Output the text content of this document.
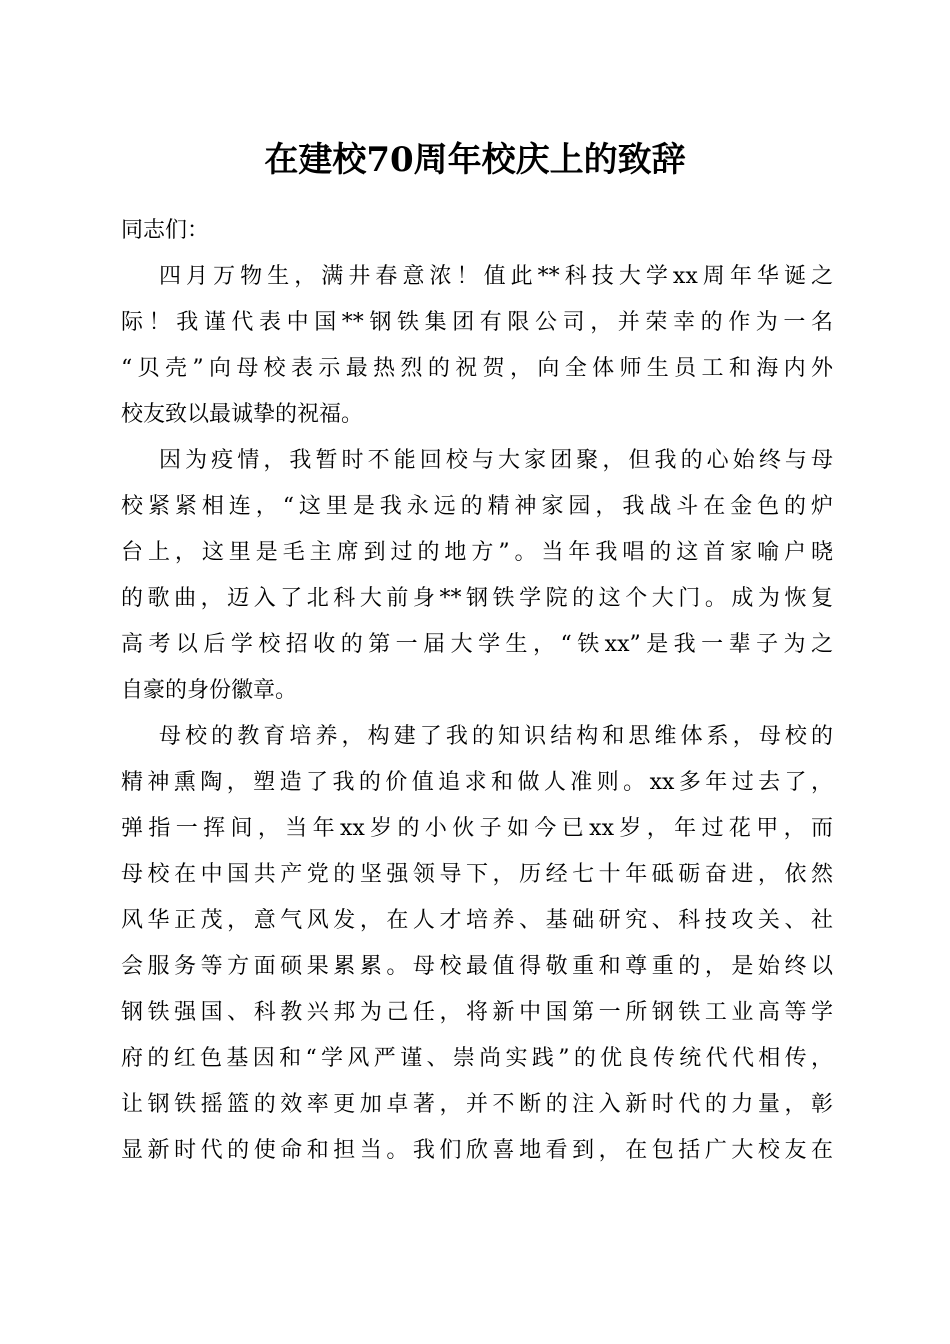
在建校70周年校庆上的致辞
同志们：
四月万物生，满井春意浓！值此**科技大学xx周年华诞之
际！我谨代表中国**钢铁集团有限公司，并荣幸的作为一名
“贝壳”向母校表示最热烈的祝贺，向全体师生员工和海内外
校友致以最诚挚的祝福。
因为疫情，我暂时不能回校与大家团聚，但我的心始终与母
校紧紧相连，“这里是我永远的精神家园，我战斗在金色的炉
台上，这里是毛主席到过的地方”。当年我唱的这首家喻户晓
的歌曲，迈入了北科大前身**钢铁学院的这个大门。成为恢复
高考以后学校招收的第一届大学生，“铁xx”是我一辈子为之
自豪的身份徽章。
母校的教育培养，构建了我的知识结构和思维体系，母校的
精神熏陶，塑造了我的价值追求和做人准则。xx多年过去了，
弹指一挥间，当年xx岁的小伙子如今已xx岁，年过花甲，而
母校在中国共产党的坚强领导下，历经七十年砥砺奋进，依然
风华正茂，意气风发，在人才培养、基础研究、科技攻关、社
会服务等方面硕果累累。母校最值得敬重和尊重的，是始终以
钢铁强国、科教兴邦为己任，将新中国第一所钢铁工业高等学
府的红色基因和“学风严谨、崇尚实践”的优良传统代代相传，
让钢铁摇篮的效率更加卓著，并不断的注入新时代的力量，彰
显新时代的使命和担当。我们欣喜地看到，在包括广大校友在
